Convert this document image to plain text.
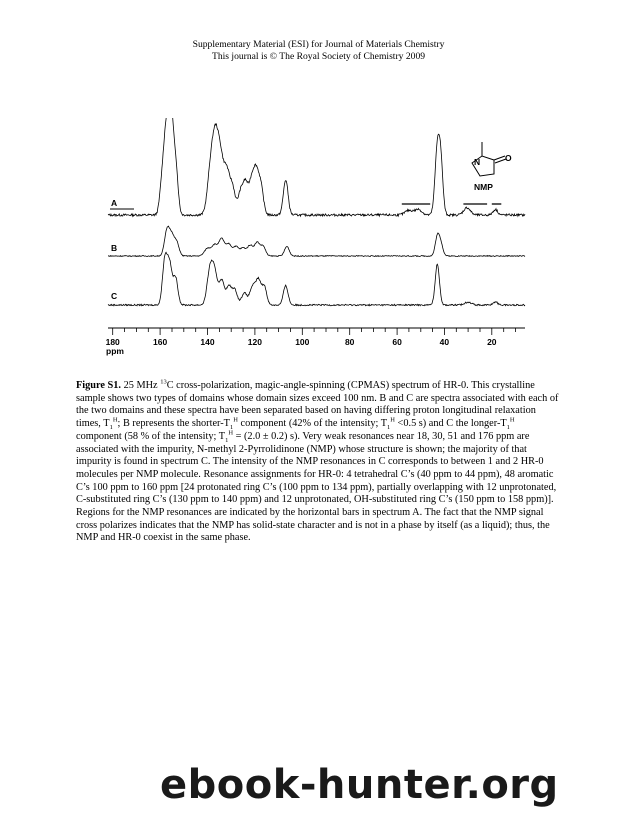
Supplementary Material (ESI) for Journal of Materials Chemistry
This journal is © The Royal Society of Chemistry 2009
180	160	140	120	100	80	60	40	20
ppm
A
B
C
N	O
NMP
Figure S1. 25 MHz $^{13}$C cross-polarization, magic-angle-spinning (CPMAS) spectrum of HR-0. This crystalline sample shows two types of domains whose domain sizes exceed 100 nm. B and C are spectra associated with each of the two domains and these spectra have been separated based on having differing proton longitudinal relaxation times, $T_1^H$; B represents the shorter-$T_1^H$ component (42% of the intensity; $T_1^H <0.5$ s) and C the longer-$T_1^H$ component (58 % of the intensity; $T_1^H = (2.0 \pm 0.2)$ s). Very weak resonances near 18, 30, 51 and 176 ppm are associated with the impurity, N-methyl 2-Pyrrolidinone (NMP) whose structure is shown; the majority of that impurity is found in spectrum C. The intensity of the NMP resonances in C corresponds to between 1 and 2 HR-0 molecules per NMP molecule. Resonance assignments for HR-0: 4 tetrahedral C’s (40 ppm to 44 ppm), 48 aromatic C’s 100 ppm to 160 ppm [24 protonated ring C’s (100 ppm to 134 ppm), partially overlapping with 12 unprotonated, C-substituted ring C’s (130 ppm to 140 ppm) and 12 unprotonated, OH-substituted ring C’s (150 ppm to 158 ppm)]. Regions for the NMP resonances are indicated by the horizontal bars in spectrum A. The fact that the NMP signal cross polarizes indicates that the NMP has solid-state character and is not in a phase by itself (as a liquid); thus, the NMP and HR-0 coexist in the same phase.
ebook-hunter.org
